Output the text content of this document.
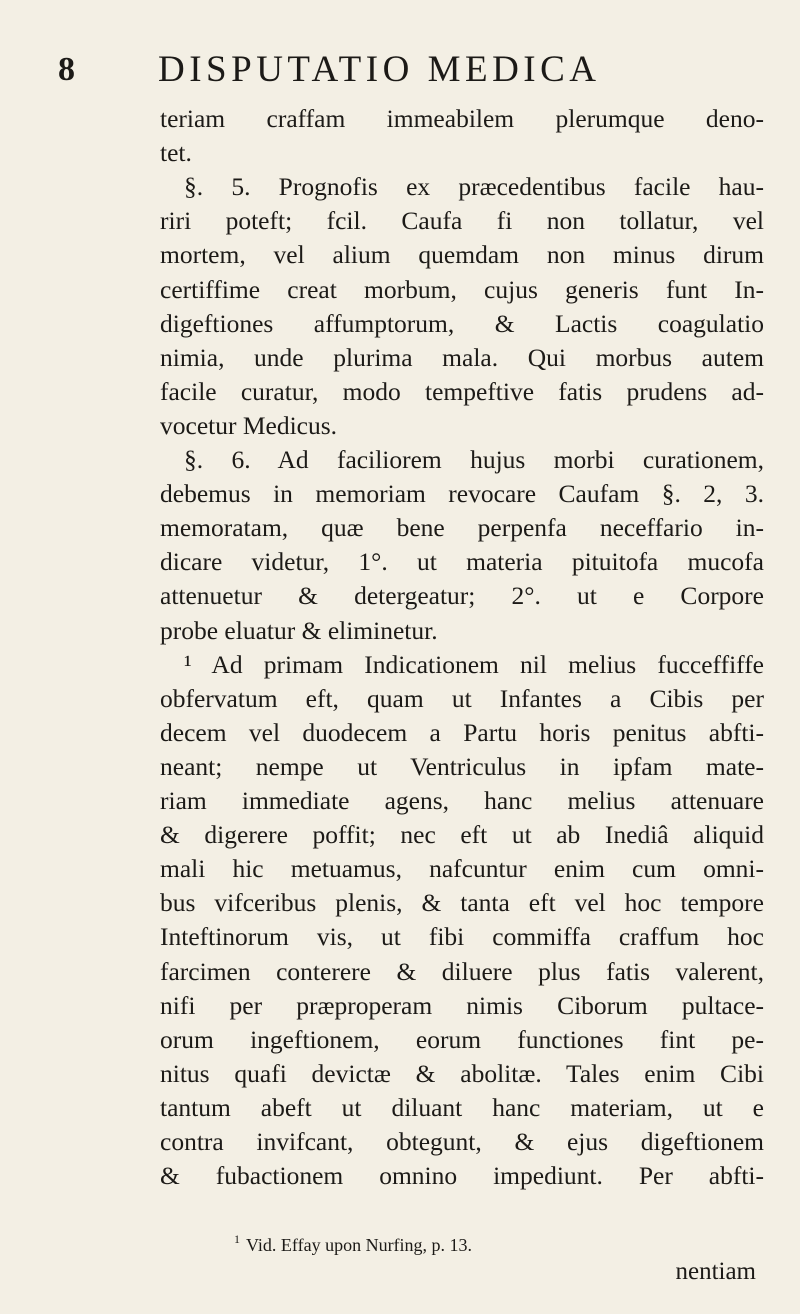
8 DISPUTATIO MEDICA
teriam craffam immeabilem plerumque deno-
tet.
§. 5. Prognofis ex præcedentibus facile hau-
riri poteft; fcil. Caufa fi non tollatur, vel
mortem, vel alium quemdam non minus dirum
certiffime creat morbum, cujus generis funt In-
digeftiones affumptorum, & Lactis coagulatio
nimia, unde plurima mala. Qui morbus autem
facile curatur, modo tempeftive fatis prudens ad-
vocetur Medicus.
§. 6. Ad faciliorem hujus morbi curationem,
debemus in memoriam revocare Caufam §. 2, 3.
memoratam, quæ bene perpenfa neceffario in-
dicare videtur, 1°. ut materia pituitofa mucofa
attenuetur & detergeatur; 2°. ut e Corpore
probe eluatur & eliminetur.
¹ Ad primam Indicationem nil melius fucceffiffe
obfervatum eft, quam ut Infantes a Cibis per
decem vel duodecem a Partu horis penitus abfti-
neant; nempe ut Ventriculus in ipfam mate-
riam immediate agens, hanc melius attenuare
& digerere poffit; nec eft ut ab Inediâ aliquid
mali hic metuamus, nafcuntur enim cum omni-
bus vifceribus plenis, & tanta eft vel hoc tempore
Inteftinorum vis, ut fibi commiffa craffum hoc
farcimen conterere & diluere plus fatis valerent,
nifi per præproperam nimis Ciborum pultace-
orum ingeftionem, eorum functiones fint pe-
nitus quafi devictæ & abolitæ. Tales enim Cibi
tantum abeft ut diluant hanc materiam, ut e
contra invifcant, obtegunt, & ejus digeftionem
& fubactionem omnino impediunt. Per abfti-
$^1$ Vid. Effay upon Nurfing, p. 13.
nentiam
